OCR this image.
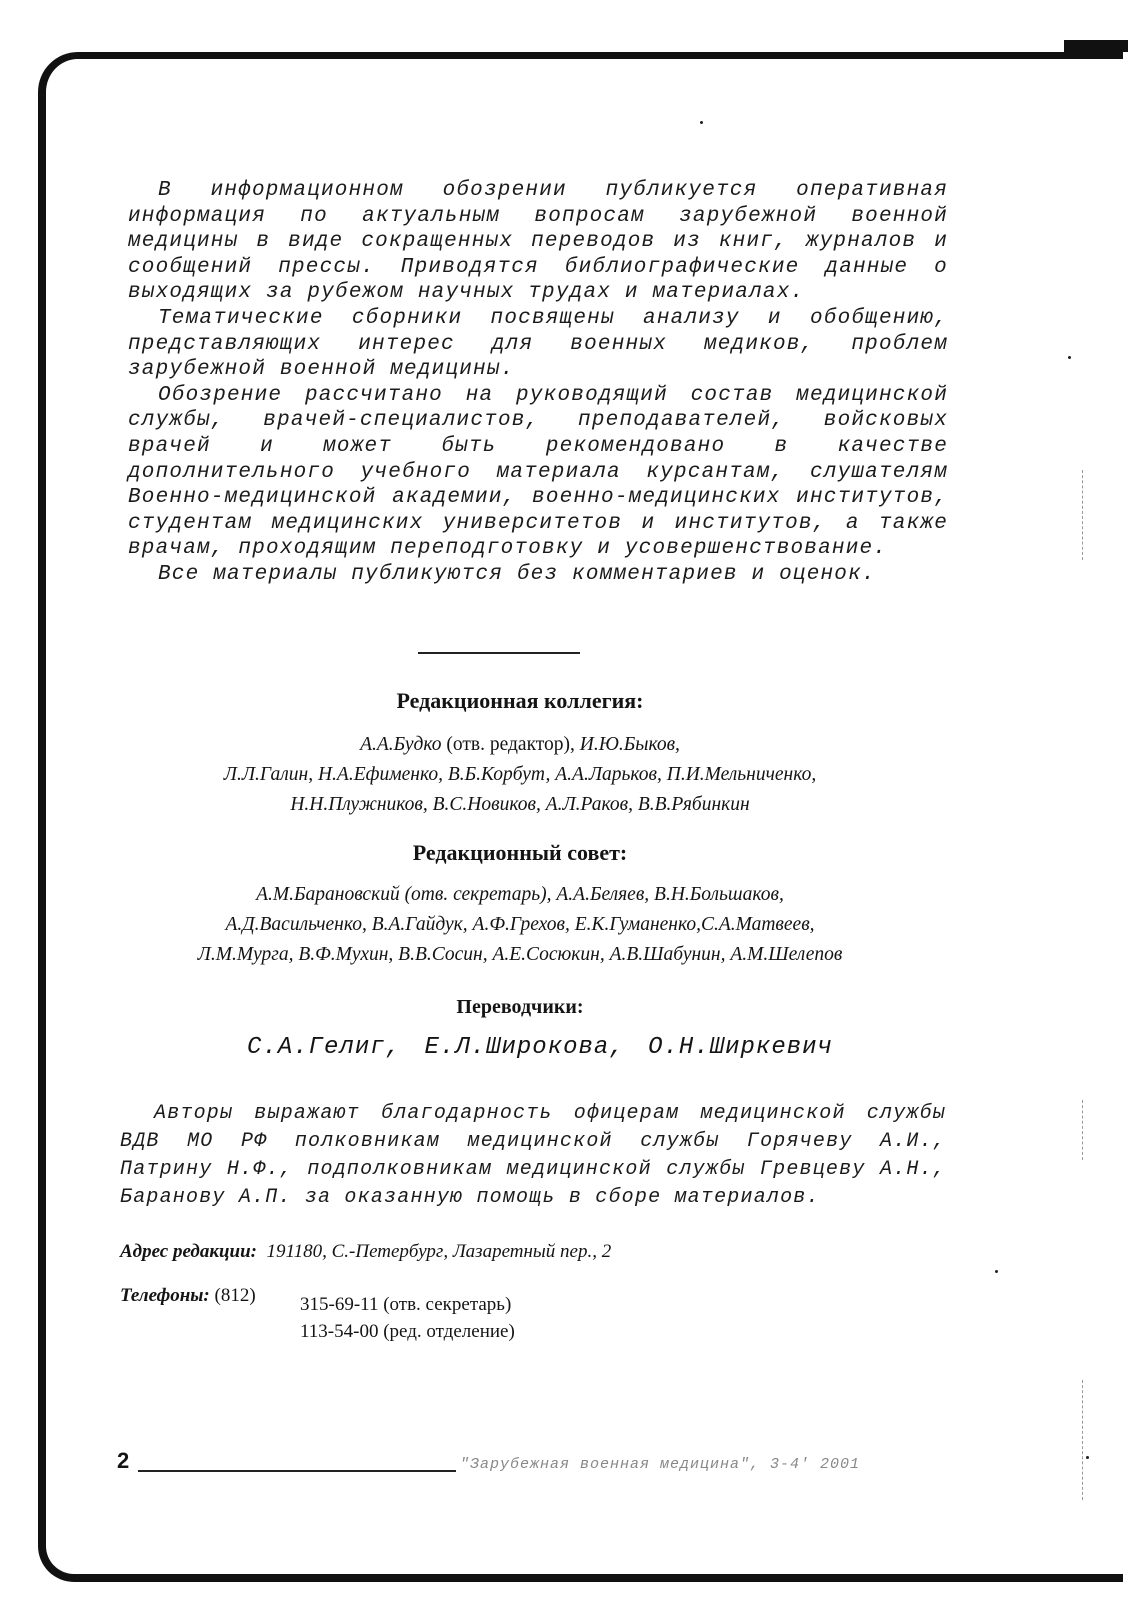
В информационном обозрении публикуется оперативная информация по актуальным вопросам зарубежной военной медицины в виде сокращенных переводов из книг, журналов и сообщений прессы. Приводятся библиографические данные о выходящих за рубежом научных трудах и материалах.

Тематические сборники посвящены анализу и обобщению, представляющих интерес для военных медиков, проблем зарубежной военной медицины.

Обозрение рассчитано на руководящий состав медицинской службы, врачей-специалистов, преподавателей, войсковых врачей и может быть рекомендовано в качестве дополнительного учебного материала курсантам, слушателям Военно-медицинской академии, военно-медицинских институтов, студентам медицинских университетов и институтов, а также врачам, проходящим переподготовку и усовершенствование.

Все материалы публикуются без комментариев и оценок.

Редакционная коллегия:
А.А.Будко (отв. редактор), И.Ю.Быков,
Л.Л.Галин, Н.А.Ефименко, В.Б.Корбут, А.А.Ларьков, П.И.Мельниченко,
Н.Н.Плужников, В.С.Новиков, А.Л.Раков, В.В.Рябинкин
Редакционный совет:
А.М.Барановский (отв. секретарь), А.А.Беляев, В.Н.Большаков,
А.Д.Васильченко, В.А.Гайдук, А.Ф.Грехов, Е.К.Гуманенко,С.А.Матвеев,
Л.М.Мурга, В.Ф.Мухин, В.В.Сосин, А.Е.Сосюкин, А.В.Шабунин, А.М.Шелепов
Переводчики:
С.А.Гелиг, Е.Л.Широкова, О.Н.Ширкевич

Авторы выражают благодарность офицерам медицинской службы ВДВ МО РФ полковникам медицинской службы Горячеву А.И., Патрину Н.Ф., подполковникам медицинской службы Гревцеву А.Н., Баранову А.П. за оказанную помощь в сборе материалов.

Адрес редакции: 191180, С.-Петербург, Лазаретный пер., 2
Телефоны: (812) 315-69-11 (отв. секретарь)
113-54-00 (ред. отделение)
2	"Зарубежная военная медицина", 3-4' 2001
